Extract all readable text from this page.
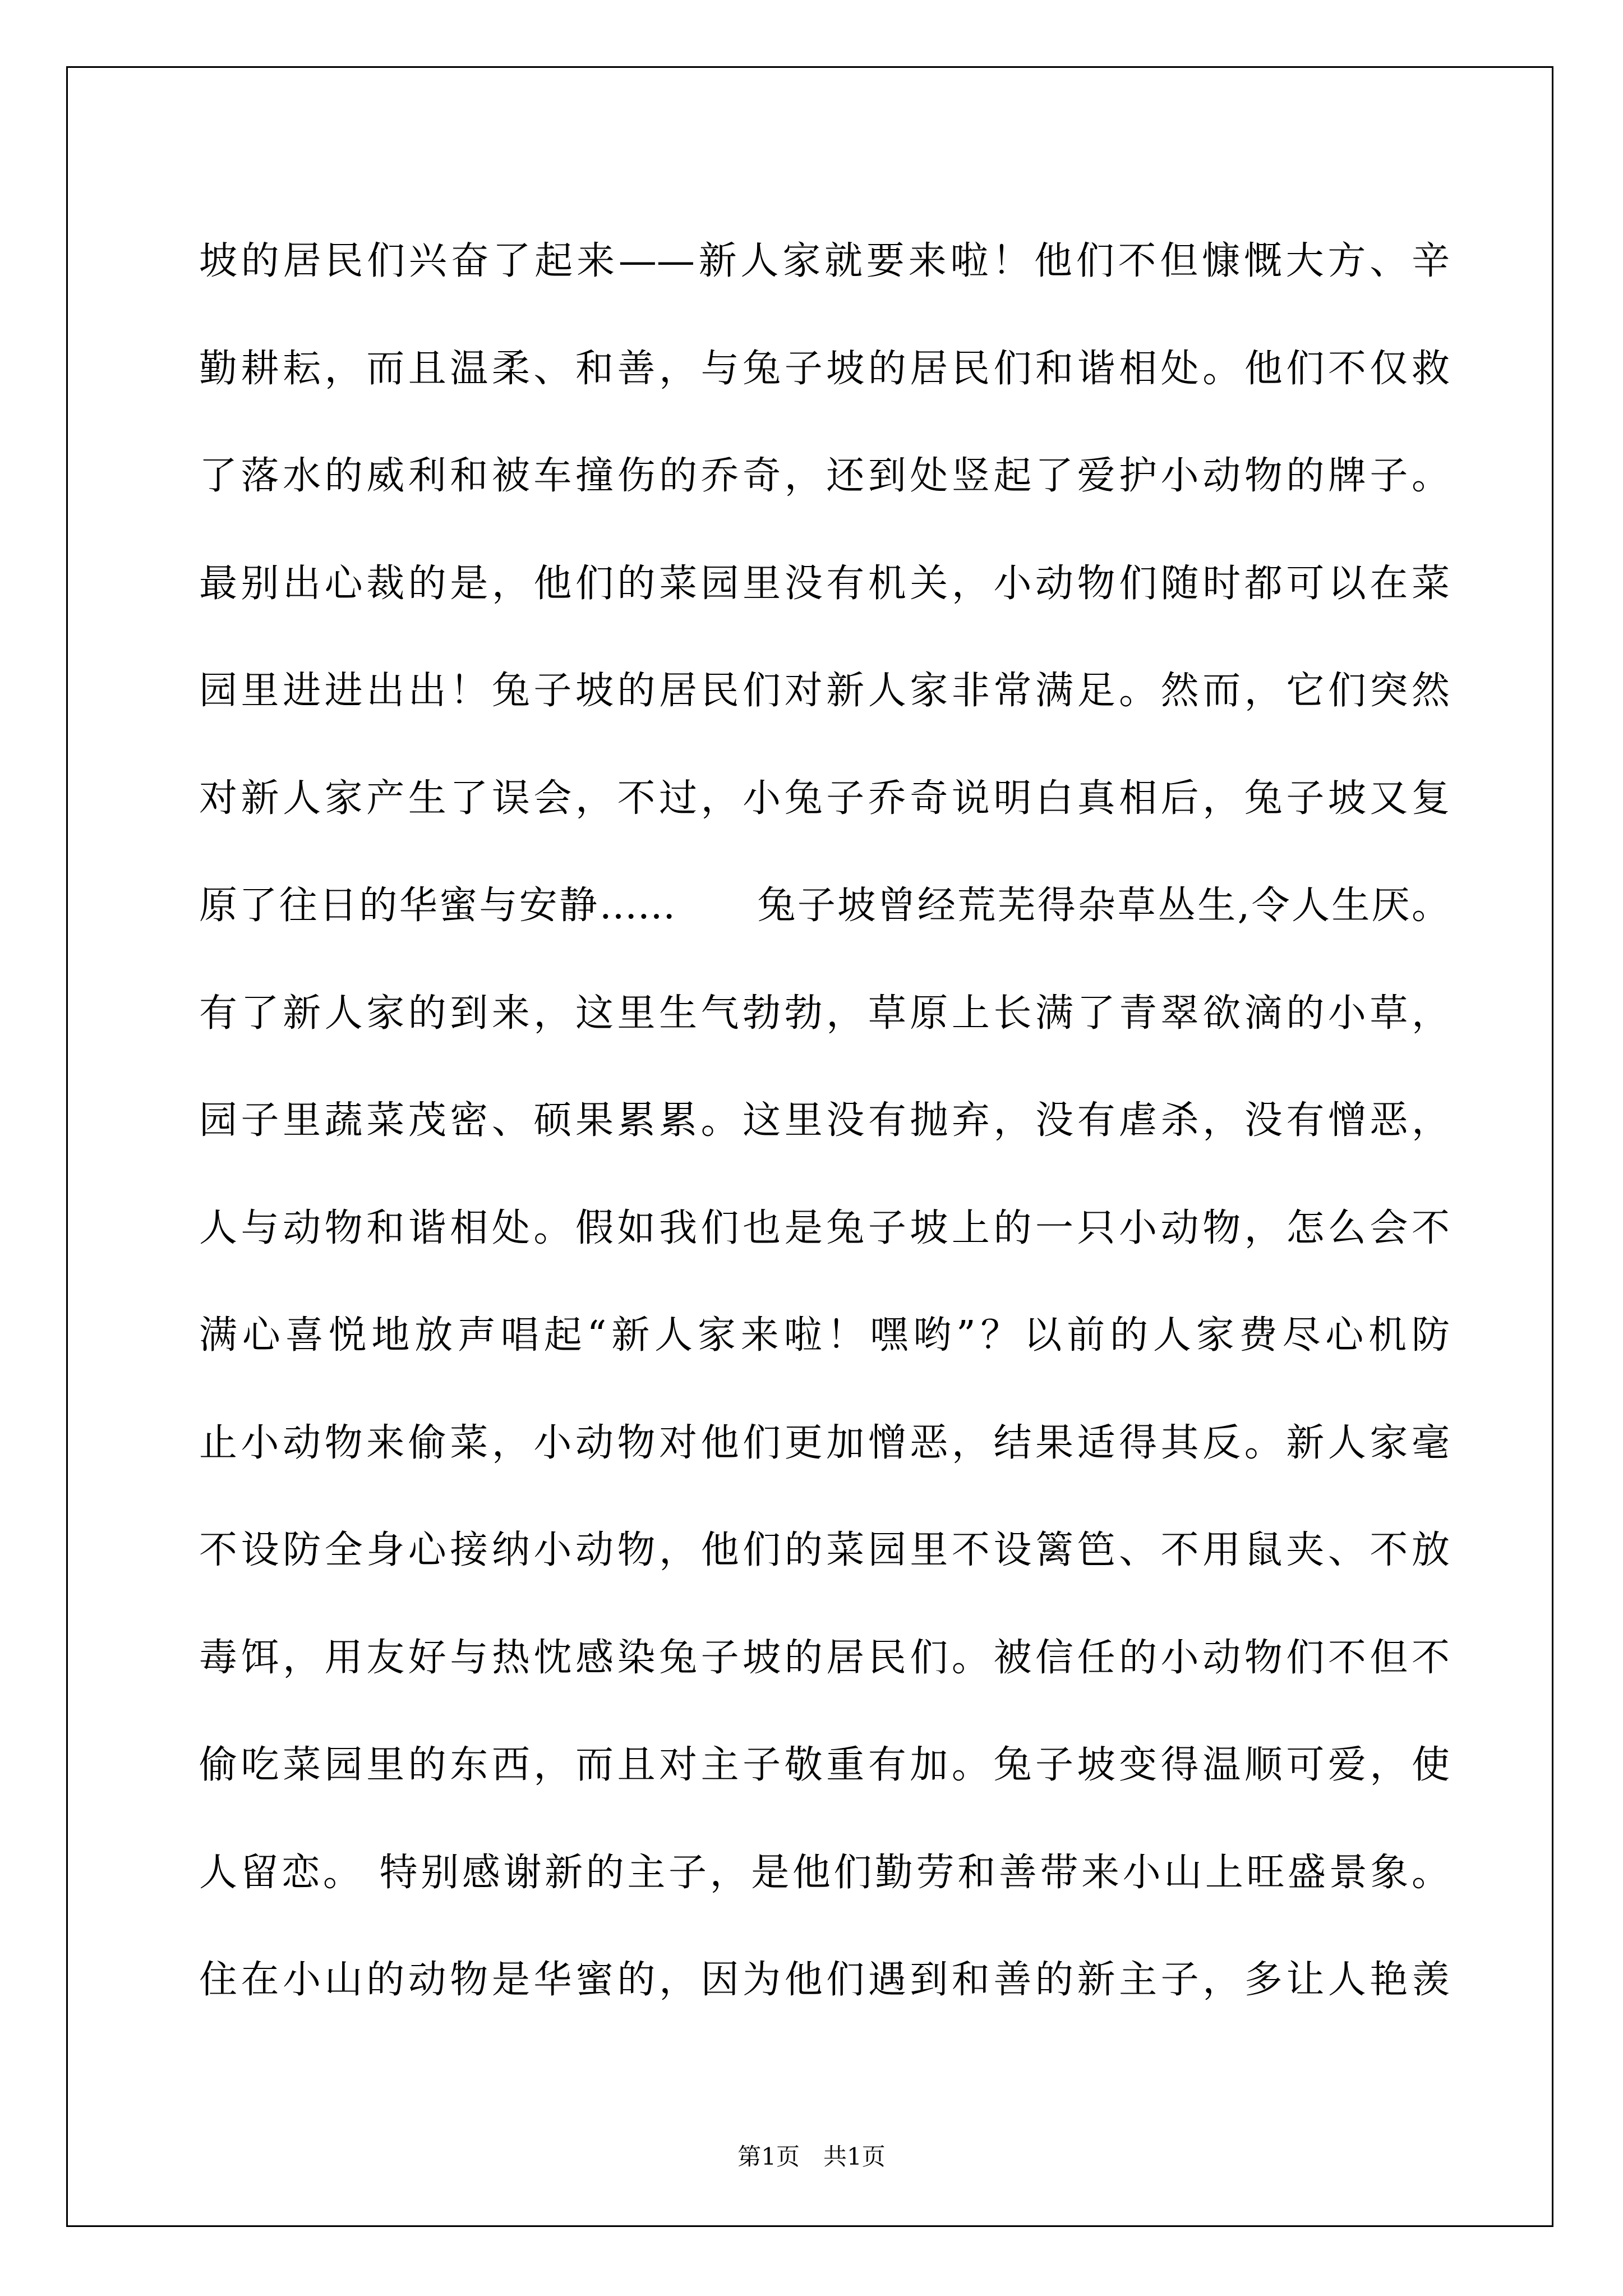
坡的居民们兴奋了起来——新人家就要来啦！他们不但慷慨大方、辛
勤耕耘，而且温柔、和善，与兔子坡的居民们和谐相处。他们不仅救
了落水的威利和被车撞伤的乔奇，还到处竖起了爱护小动物的牌子。
最别出心裁的是，他们的菜园里没有机关，小动物们随时都可以在菜
园里进进出出！兔子坡的居民们对新人家非常满足。然而，它们突然
对新人家产生了误会，不过，小兔子乔奇说明白真相后，兔子坡又复
原了往日的华蜜与安静……　　兔子坡曾经荒芜得杂草丛生,令人生厌。
有了新人家的到来，这里生气勃勃，草原上长满了青翠欲滴的小草，
园子里蔬菜茂密、硕果累累。这里没有抛弃，没有虐杀，没有憎恶，
人与动物和谐相处。假如我们也是兔子坡上的一只小动物，怎么会不
满心喜悦地放声唱起“新人家来啦！嘿哟”？以前的人家费尽心机防
止小动物来偷菜，小动物对他们更加憎恶，结果适得其反。新人家毫
不设防全身心接纳小动物，他们的菜园里不设篱笆、不用鼠夹、不放
毒饵，用友好与热忱感染兔子坡的居民们。被信任的小动物们不但不
偷吃菜园里的东西，而且对主子敬重有加。兔子坡变得温顺可爱，使
人留恋。 特别感谢新的主子，是他们勤劳和善带来小山上旺盛景象。
住在小山的动物是华蜜的，因为他们遇到和善的新主子，多让人艳羡
第1页　共1页
